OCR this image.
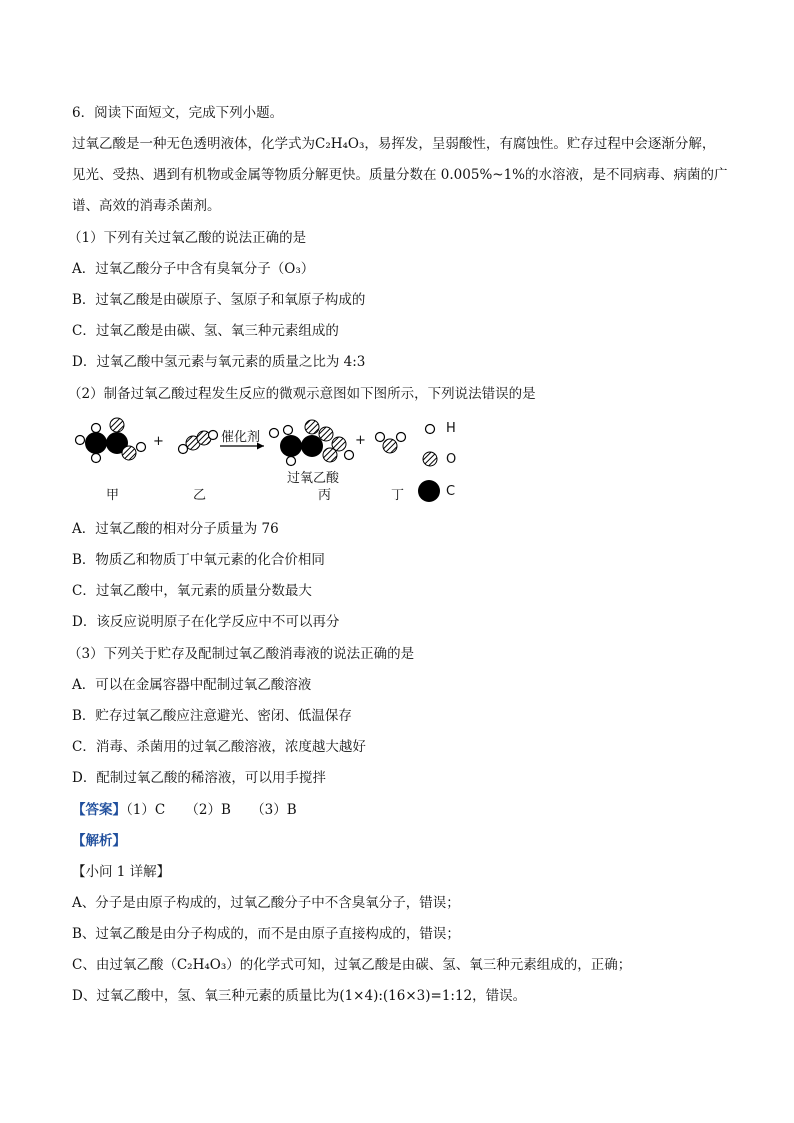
6．阅读下面短文，完成下列小题。
过氧乙酸是一种无色透明液体，化学式为C₂H₄O₃，易挥发，呈弱酸性，有腐蚀性。贮存过程中会逐渐分解，
见光、受热、遇到有机物或金属等物质分解更快。质量分数在 0.005%~1%的水溶液，是不同病毒、病菌的广
谱、高效的消毒杀菌剂。
（1）下列有关过氧乙酸的说法正确的是
A．过氧乙酸分子中含有臭氧分子（O₃）
B．过氧乙酸是由碳原子、氢原子和氧原子构成的
C．过氧乙酸是由碳、氢、氧三种元素组成的
D．过氧乙酸中氢元素与氧元素的质量之比为 4:3
（2）制备过氧乙酸过程发生反应的微观示意图如下图所示，下列说法错误的是
+	+
催化剂
过氧乙酸
甲	乙	丙	丁
H
O
C
A．过氧乙酸的相对分子质量为 76
B．物质乙和物质丁中氧元素的化合价相同
C．过氧乙酸中，氧元素的质量分数最大
D．该反应说明原子在化学反应中不可以再分
（3）下列关于贮存及配制过氧乙酸消毒液的说法正确的是
A．可以在金属容器中配制过氧乙酸溶液
B．贮存过氧乙酸应注意避光、密闭、低温保存
C．消毒、杀菌用的过氧乙酸溶液，浓度越大越好
D．配制过氧乙酸的稀溶液，可以用手搅拌
【答案】（1）C　　（2）B　　（3）B
【解析】
【小问 1 详解】
A、分子是由原子构成的，过氧乙酸分子中不含臭氧分子，错误；
B、过氧乙酸是由分子构成的，而不是由原子直接构成的，错误；
C、由过氧乙酸（C₂H₄O₃）的化学式可知，过氧乙酸是由碳、氢、氧三种元素组成的，正确；
D、过氧乙酸中，氢、氧三种元素的质量比为(1×4):(16×3)=1:12，错误。
